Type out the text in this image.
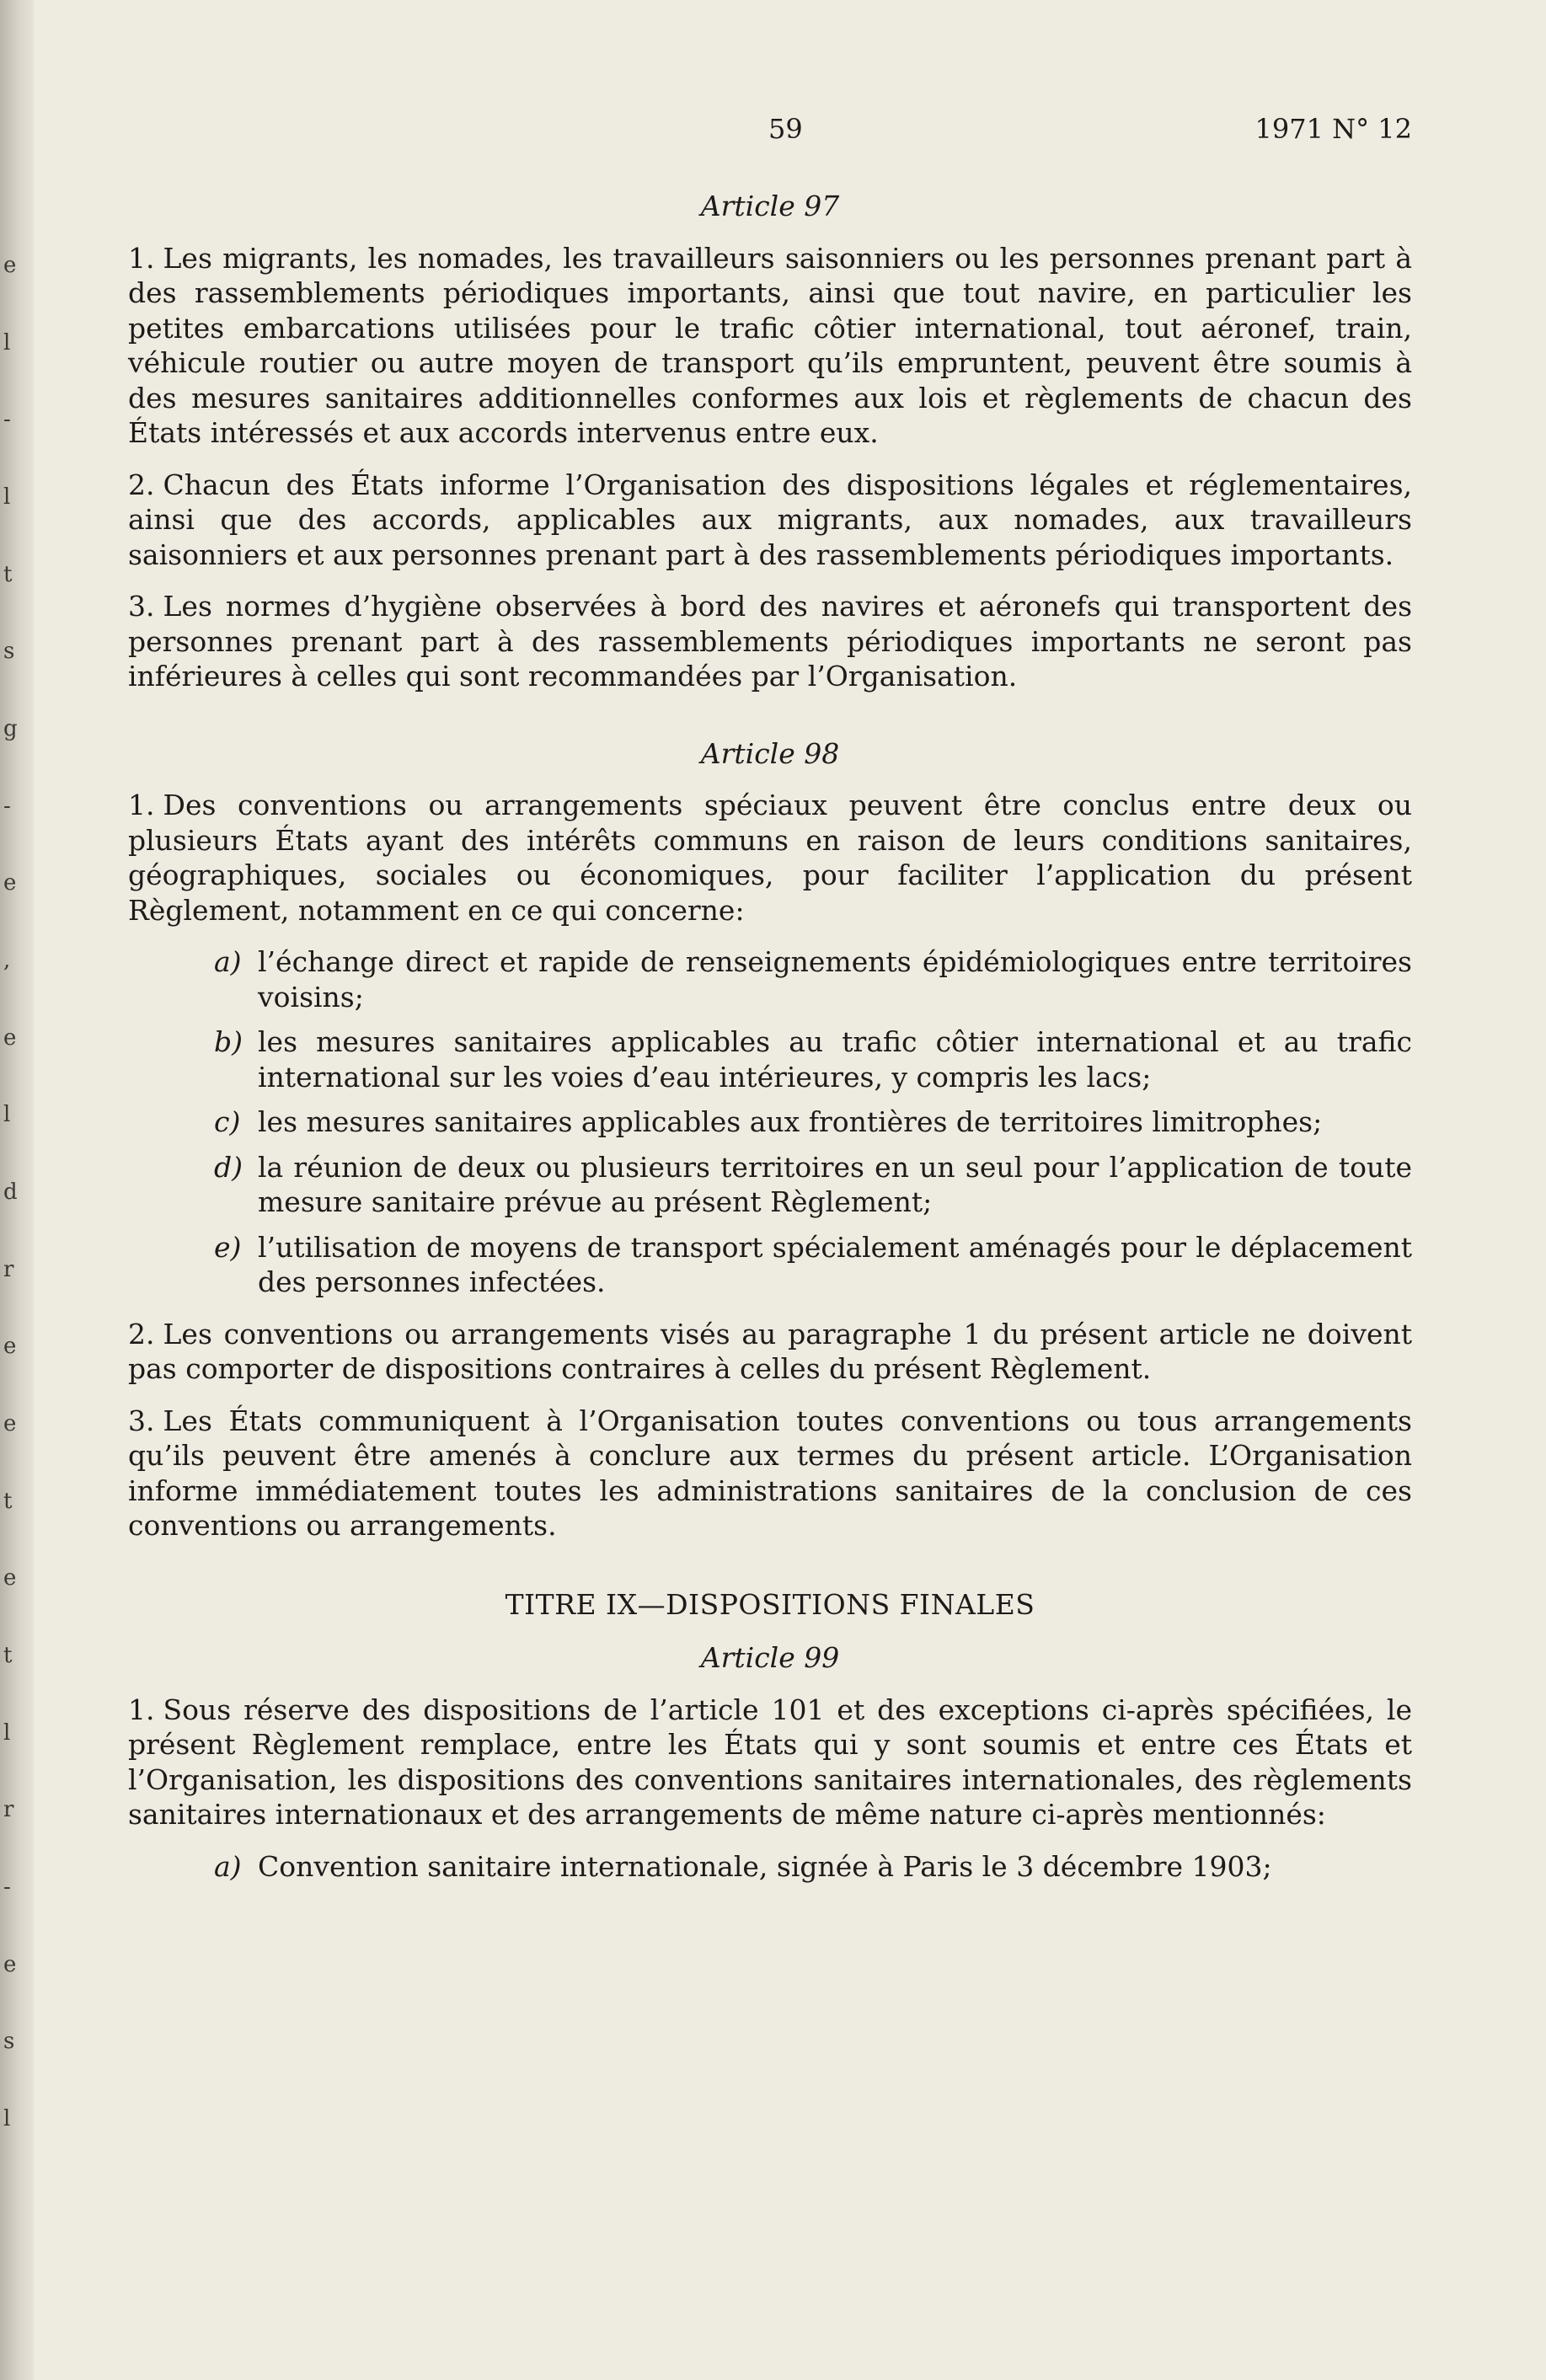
e
l
-
l
t
s
g
-
e
,
e
l
d
r
e
e
t
e
t
l
r
-
e
s
l
59	1971 N° 12
Article 97

1. Les migrants, les nomades, les travailleurs saisonniers ou les personnes prenant part à des rassemblements périodiques importants, ainsi que tout navire, en particulier les petites embarcations utilisées pour le trafic côtier international, tout aéronef, train, véhicule routier ou autre moyen de transport qu’ils empruntent, peuvent être soumis à des mesures sanitaires additionnelles conformes aux lois et règlements de chacun des États intéressés et aux accords intervenus entre eux.

2. Chacun des États informe l’Organisation des dispositions légales et réglementaires, ainsi que des accords, applicables aux migrants, aux nomades, aux travailleurs saisonniers et aux personnes prenant part à des rassemblements périodiques importants.

3. Les normes d’hygiène observées à bord des navires et aéronefs qui transportent des personnes prenant part à des rassemblements périodiques importants ne seront pas inférieures à celles qui sont recommandées par l’Organisation.

Article 98

1. Des conventions ou arrangements spéciaux peuvent être conclus entre deux ou plusieurs États ayant des intérêts communs en raison de leurs conditions sanitaires, géographiques, sociales ou économiques, pour faciliter l’application du présent Règlement, notamment en ce qui concerne:

a) l’échange direct et rapide de renseignements épidémiologiques entre territoires voisins;
b) les mesures sanitaires applicables au trafic côtier international et au trafic international sur les voies d’eau intérieures, y compris les lacs;
c) les mesures sanitaires applicables aux frontières de territoires limitrophes;
d) la réunion de deux ou plusieurs territoires en un seul pour l’application de toute mesure sanitaire prévue au présent Règlement;
e) l’utilisation de moyens de transport spécialement aménagés pour le déplacement des personnes infectées.

2. Les conventions ou arrangements visés au paragraphe 1 du présent article ne doivent pas comporter de dispositions contraires à celles du présent Règlement.

3. Les États communiquent à l’Organisation toutes conventions ou tous arrangements qu’ils peuvent être amenés à conclure aux termes du présent article. L’Organisation informe immédiatement toutes les administrations sanitaires de la conclusion de ces conventions ou arrangements.

TITRE IX—DISPOSITIONS FINALES
Article 99

1. Sous réserve des dispositions de l’article 101 et des exceptions ci-après spécifiées, le présent Règlement remplace, entre les États qui y sont soumis et entre ces États et l’Organisation, les dispositions des conventions sanitaires internationales, des règlements sanitaires internationaux et des arrangements de même nature ci-après mentionnés:

a) Convention sanitaire internationale, signée à Paris le 3 décembre 1903;
